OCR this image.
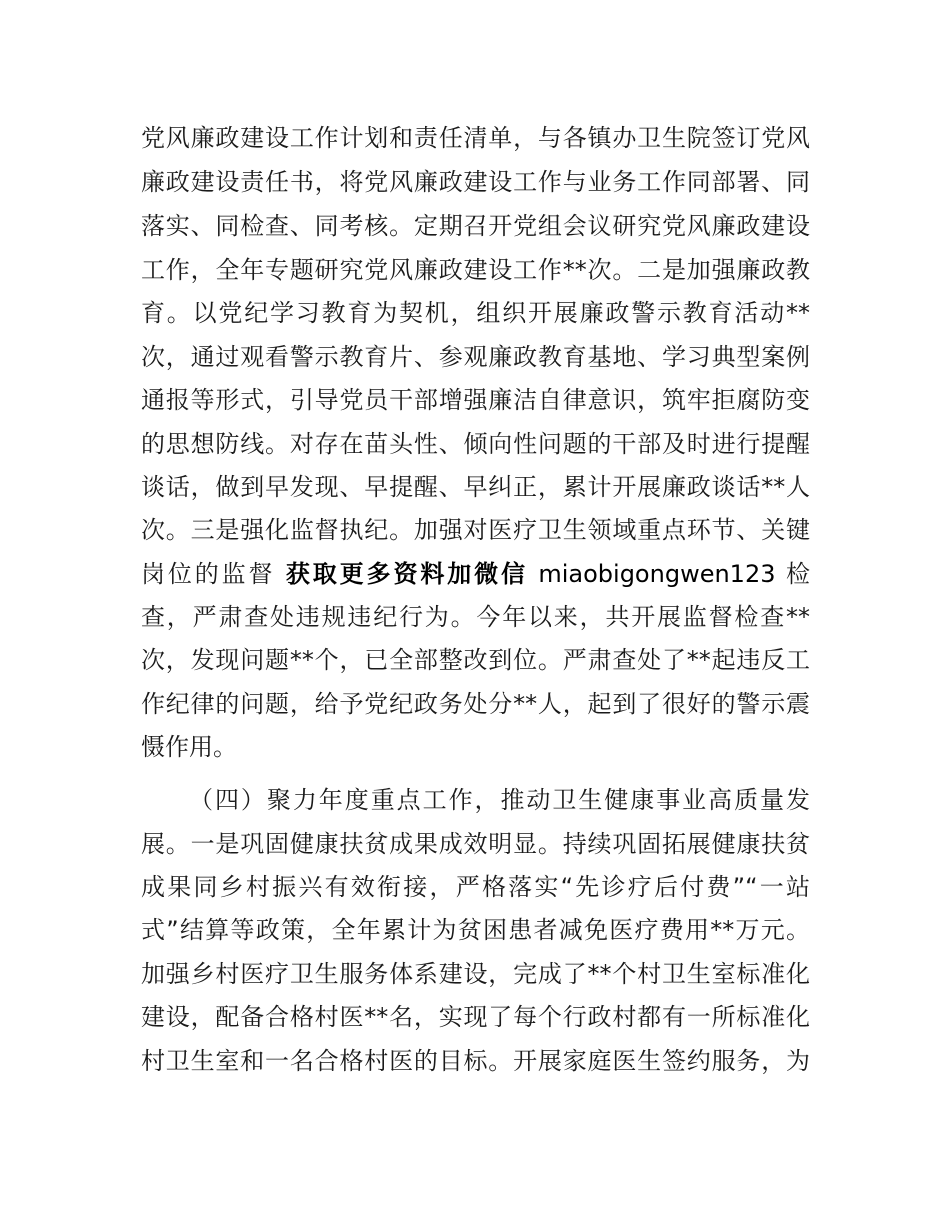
党风廉政建设工作计划和责任清单，与各镇办卫生院签订党风

廉政建设责任书，将党风廉政建设工作与业务工作同部署、同

落实、同检查、同考核。定期召开党组会议研究党风廉政建设

工作，全年专题研究党风廉政建设工作**次。二是加强廉政教

育。以党纪学习教育为契机，组织开展廉政警示教育活动**

次，通过观看警示教育片、参观廉政教育基地、学习典型案例

通报等形式，引导党员干部增强廉洁自律意识，筑牢拒腐防变

的思想防线。对存在苗头性、倾向性问题的干部及时进行提醒

谈话，做到早发现、早提醒、早纠正，累计开展廉政谈话**人

次。三是强化监督执纪。加强对医疗卫生领域重点环节、关键

岗位的监督 获取更多资料加微信 miaobigongwen123 检

查，严肃查处违规违纪行为。今年以来，共开展监督检查**

次，发现问题**个，已全部整改到位。严肃查处了**起违反工

作纪律的问题，给予党纪政务处分**人，起到了很好的警示震

慑作用。

（四）聚力年度重点工作，推动卫生健康事业高质量发

展。一是巩固健康扶贫成果成效明显。持续巩固拓展健康扶贫

成果同乡村振兴有效衔接，严格落实“先诊疗后付费”“一站

式”结算等政策，全年累计为贫困患者减免医疗费用**万元。

加强乡村医疗卫生服务体系建设，完成了**个村卫生室标准化

建设，配备合格村医**名，实现了每个行政村都有一所标准化

村卫生室和一名合格村医的目标。开展家庭医生签约服务，为
